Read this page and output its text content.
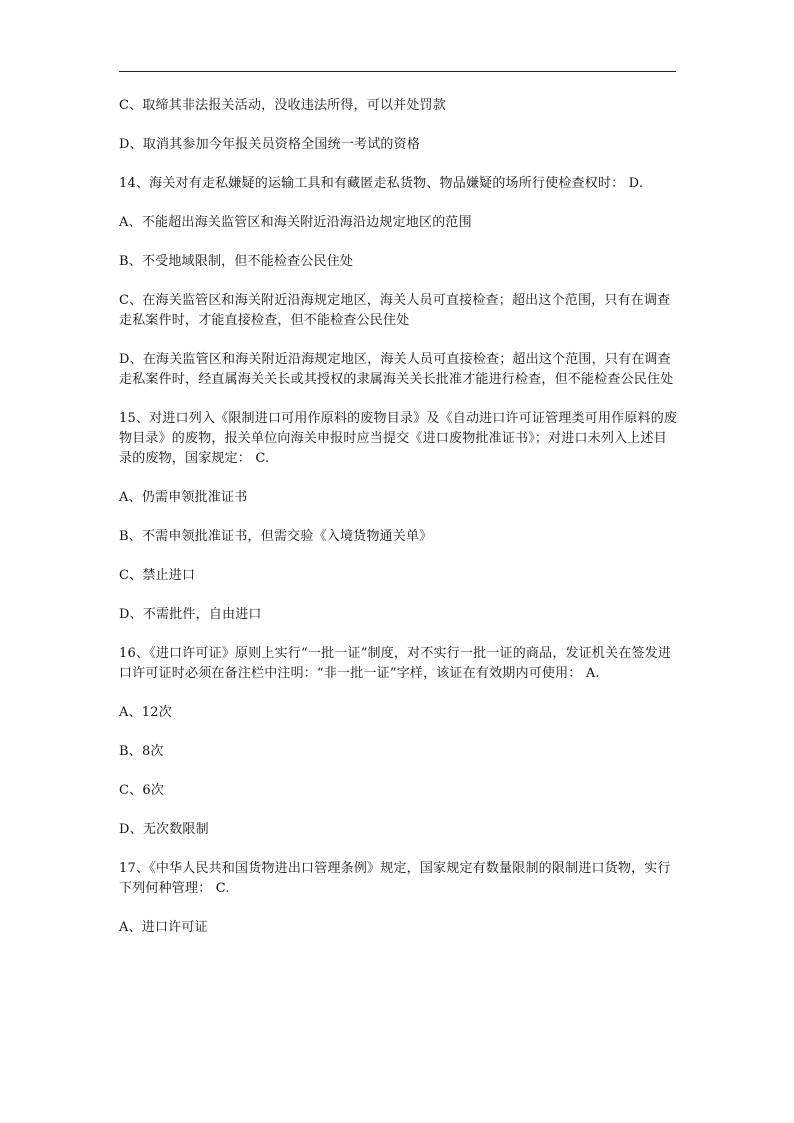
C、取缔其非法报关活动，没收违法所得，可以并处罚款

D、取消其参加今年报关员资格全国统一考试的资格

14、海关对有走私嫌疑的运输工具和有藏匿走私货物、物品嫌疑的场所行使检查权时： D.

A、不能超出海关监管区和海关附近沿海沿边规定地区的范围

B、不受地域限制，但不能检查公民住处

C、在海关监管区和海关附近沿海规定地区，海关人员可直接检查；超出这个范围，只有在调查走私案件时，才能直接检查，但不能检查公民住处

D、在海关监管区和海关附近沿海规定地区，海关人员可直接检查；超出这个范围，只有在调查走私案件时，经直属海关关长或其授权的隶属海关关长批准才能进行检查，但不能检查公民住处

15、对进口列入《限制进口可用作原料的废物目录》及《自动进口许可证管理类可用作原料的废物目录》的废物，报关单位向海关申报时应当提交《进口废物批准证书》；对进口未列入上述目录的废物，国家规定： C.

A、仍需申领批准证书

B、不需申领批准证书，但需交验《入境货物通关单》

C、禁止进口

D、不需批件，自由进口

16、《进口许可证》原则上实行“一批一证”制度，对不实行一批一证的商品，发证机关在签发进口许可证时必须在备注栏中注明：“非一批一证”字样，该证在有效期内可使用： A.

A、12次

B、8次

C、6次

D、无次数限制

17、《中华人民共和国货物进出口管理条例》规定，国家规定有数量限制的限制进口货物，实行下列何种管理： C.

A、进口许可证
